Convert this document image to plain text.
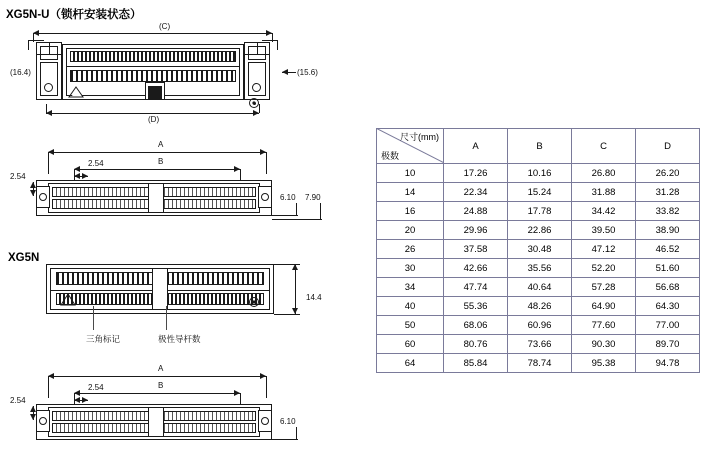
XG5N-U（锁杆安装状态）
XG5N
(C)
(D)
(16.4)	(15.6)
A
B
2.54
2.54
6.10 7.90
14.4
三角标记	极性导杆数
A
B
2.54
2.54
6.10
尺寸(mm)
极数	A	B	C	D
10	17.26	10.16	26.80	26.20
14	22.34	15.24	31.88	31.28
16	24.88	17.78	34.42	33.82
20	29.96	22.86	39.50	38.90
26	37.58	30.48	47.12	46.52
30	42.66	35.56	52.20	51.60
34	47.74	40.64	57.28	56.68
40	55.36	48.26	64.90	64.30
50	68.06	60.96	77.60	77.00
60	80.76	73.66	90.30	89.70
64	85.84	78.74	95.38	94.78
